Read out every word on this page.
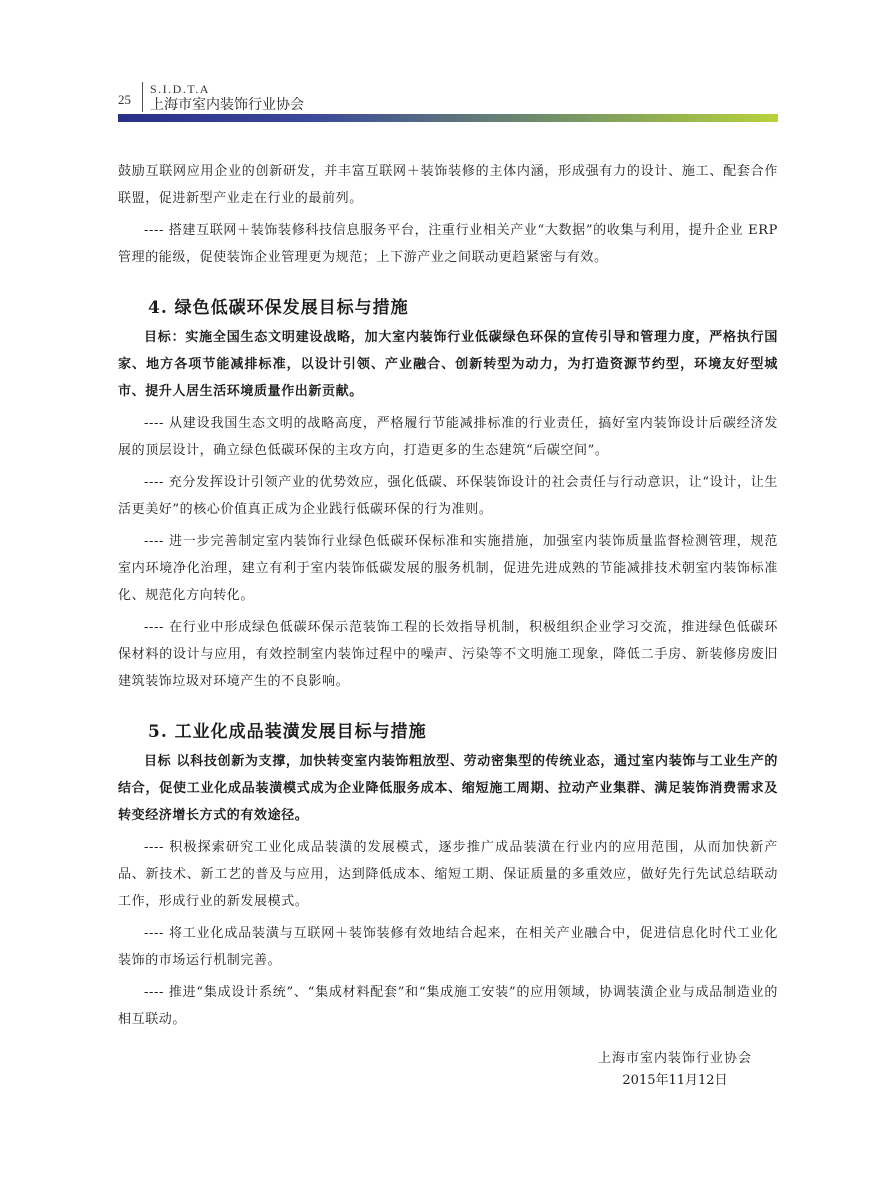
25
S.I.D.T.A
上海市室内装饰行业协会

鼓励互联网应用企业的创新研发，并丰富互联网＋装饰装修的主体内涵，形成强有力的设计、施工、配套合作联盟，促进新型产业走在行业的最前列。

---- 搭建互联网＋装饰装修科技信息服务平台，注重行业相关产业“大数据”的收集与利用，提升企业 ERP 管理的能级，促使装饰企业管理更为规范；上下游产业之间联动更趋紧密与有效。

4. 绿色低碳环保发展目标与措施

目标：实施全国生态文明建设战略，加大室内装饰行业低碳绿色环保的宣传引导和管理力度，严格执行国家、地方各项节能减排标准，以设计引领、产业融合、创新转型为动力，为打造资源节约型，环境友好型城市、提升人居生活环境质量作出新贡献。

---- 从建设我国生态文明的战略高度，严格履行节能减排标准的行业责任，搞好室内装饰设计后碳经济发展的顶层设计，确立绿色低碳环保的主攻方向，打造更多的生态建筑“后碳空间”。

---- 充分发挥设计引领产业的优势效应，强化低碳、环保装饰设计的社会责任与行动意识，让“设计，让生活更美好”的核心价值真正成为企业践行低碳环保的行为准则。

---- 进一步完善制定室内装饰行业绿色低碳环保标准和实施措施，加强室内装饰质量监督检测管理，规范室内环境净化治理，建立有利于室内装饰低碳发展的服务机制，促进先进成熟的节能减排技术朝室内装饰标准化、规范化方向转化。

---- 在行业中形成绿色低碳环保示范装饰工程的长效指导机制，积极组织企业学习交流，推进绿色低碳环保材料的设计与应用，有效控制室内装饰过程中的噪声、污染等不文明施工现象，降低二手房、新装修房废旧建筑装饰垃圾对环境产生的不良影响。

5. 工业化成品装潢发展目标与措施

目标 以科技创新为支撑，加快转变室内装饰粗放型、劳动密集型的传统业态，通过室内装饰与工业生产的结合，促使工业化成品装潢模式成为企业降低服务成本、缩短施工周期、拉动产业集群、满足装饰消费需求及转变经济增长方式的有效途径。

---- 积极探索研究工业化成品装潢的发展模式，逐步推广成品装潢在行业内的应用范围，从而加快新产品、新技术、新工艺的普及与应用，达到降低成本、缩短工期、保证质量的多重效应，做好先行先试总结联动工作，形成行业的新发展模式。

---- 将工业化成品装潢与互联网＋装饰装修有效地结合起来，在相关产业融合中，促进信息化时代工业化装饰的市场运行机制完善。

---- 推进“集成设计系统”、“集成材料配套”和“集成施工安装”的应用领域，协调装潢企业与成品制造业的相互联动。

上海市室内装饰行业协会
2015年11月12日
